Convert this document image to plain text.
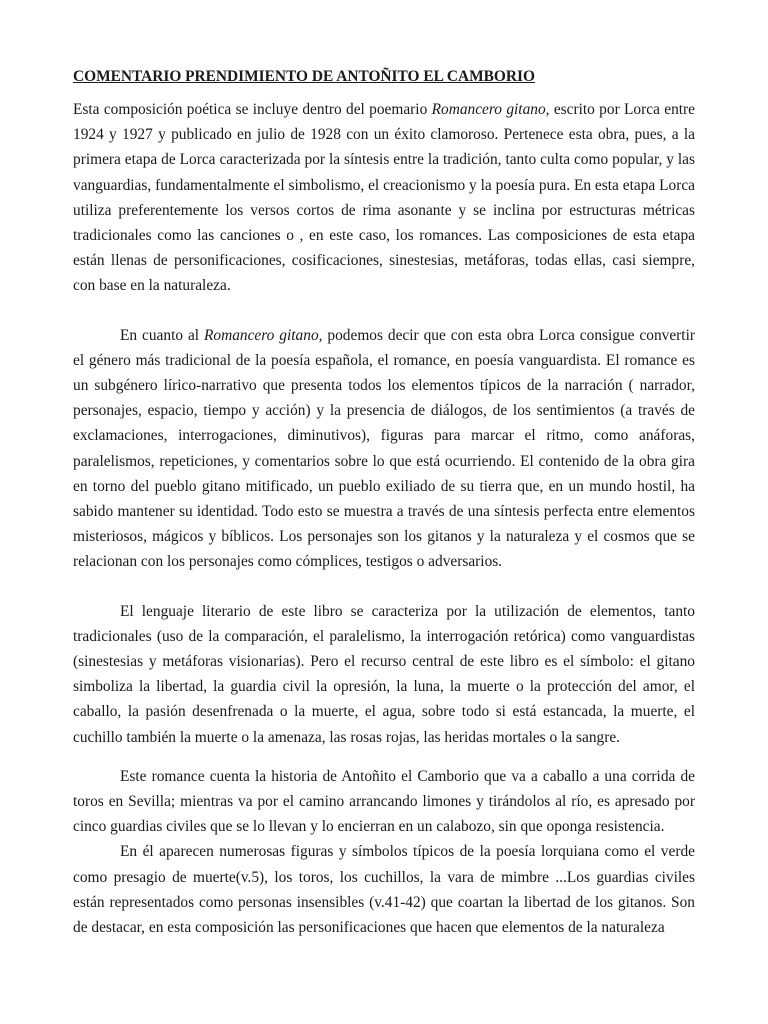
COMENTARIO PRENDIMIENTO DE ANTOÑITO EL CAMBORIO

Esta composición poética se incluye dentro del poemario Romancero gitano, escrito por Lorca entre 1924 y 1927 y publicado en julio de 1928 con un éxito clamoroso. Pertenece esta obra, pues, a la primera etapa de Lorca caracterizada por la síntesis entre la tradición, tanto culta como popular, y las vanguardias, fundamentalmente el simbolismo, el creacionismo y la poesía pura. En esta etapa Lorca utiliza preferentemente los versos cortos de rima asonante y se inclina por estructuras métricas tradicionales como las canciones o , en este caso, los romances. Las composiciones de esta etapa están llenas de personificaciones, cosificaciones, sinestesias, metáforas, todas ellas, casi siempre, con base en la naturaleza.

En cuanto al Romancero gitano, podemos decir que con esta obra Lorca consigue convertir el género más tradicional de la poesía española, el romance, en poesía vanguardista. El romance es un subgénero lírico-narrativo que presenta todos los elementos típicos de la narración ( narrador, personajes, espacio, tiempo y acción) y la presencia de diálogos, de los sentimientos (a través de exclamaciones, interrogaciones, diminutivos), figuras para marcar el ritmo, como anáforas, paralelismos, repeticiones, y comentarios sobre lo que está ocurriendo. El contenido de la obra gira en torno del pueblo gitano mitificado, un pueblo exiliado de su tierra que, en un mundo hostil, ha sabido mantener su identidad. Todo esto se muestra a través de una síntesis perfecta entre elementos misteriosos, mágicos y bíblicos. Los personajes son los gitanos y la naturaleza y el cosmos que se relacionan con los personajes como cómplices, testigos o adversarios.

El lenguaje literario de este libro se caracteriza por la utilización de elementos, tanto tradicionales (uso de la comparación, el paralelismo, la interrogación retórica) como vanguardistas (sinestesias y metáforas visionarias). Pero el recurso central de este libro es el símbolo: el gitano simboliza la libertad, la guardia civil la opresión, la luna, la muerte o la protección del amor, el caballo, la pasión desenfrenada o la muerte, el agua, sobre todo si está estancada, la muerte, el cuchillo también la muerte o la amenaza, las rosas rojas, las heridas mortales o la sangre.

Este romance cuenta la historia de Antoñito el Camborio que va a caballo a una corrida de toros en Sevilla; mientras va por el camino arrancando limones y tirándolos al río, es apresado por cinco guardias civiles que se lo llevan y lo encierran en un calabozo, sin que oponga resistencia.

En él aparecen numerosas figuras y símbolos típicos de la poesía lorquiana como el verde como presagio de muerte(v.5), los toros, los cuchillos, la vara de mimbre ...Los guardias civiles están representados como personas insensibles (v.41-42) que coartan la libertad de los gitanos. Son de destacar, en esta composición las personificaciones que hacen que elementos de la naturaleza
